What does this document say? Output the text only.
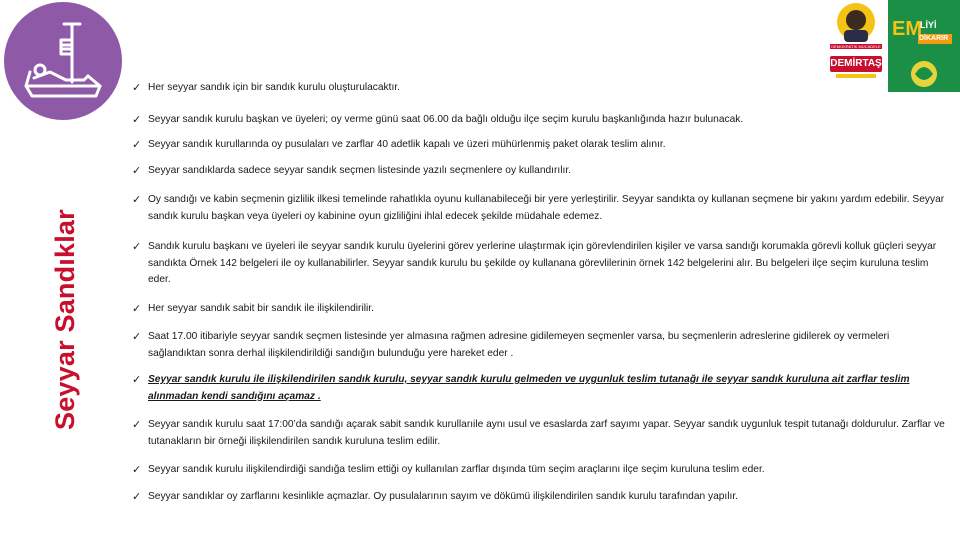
Seyyar Sandıklar
DEMOKRATİK MÜCADELE
DEMİRTAŞ
EM
LİYİ
DİKARIR
✓ Her seyyar sandık için bir sandık kurulu oluşturulacaktır.
✓ Seyyar sandık kurulu başkan ve üyeleri; oy verme günü saat 06.00 da bağlı olduğu ilçe seçim kurulu başkanlığında hazır bulunacak.
✓ Seyyar sandık kurullarında oy pusulaları ve zarflar 40 adetlik kapalı ve üzeri mühürlenmiş paket olarak teslim alınır.
✓ Seyyar sandıklarda sadece seyyar sandık seçmen listesinde yazılı seçmenlere oy kullandırılır.
✓ Oy sandığı ve kabin seçmenin gizlilik ilkesi temelinde rahatlıkla oyunu kullanabileceği bir yere yerleştirilir. Seyyar sandıkta oy kullanan seçmene bir yakını yardım edebilir. Seyyar sandık kurulu başkan veya üyeleri oy kabinine oyun gizliliğini ihlal edecek şekilde müdahale edemez.
✓ Sandık kurulu başkanı ve üyeleri ile seyyar sandık kurulu üyelerini görev yerlerine ulaştırmak için görevlendirilen kişiler ve varsa sandığı korumakla görevli kolluk güçleri seyyar sandıkta Örnek 142 belgeleri ile oy kullanabilirler. Seyyar sandık kurulu bu şekilde oy kullanana görevlilerinin örnek 142 belgelerini alır. Bu belgeleri ilçe seçim kuruluna teslim eder.
✓ Her seyyar sandık sabit bir sandık ile ilişkilendirilir.
✓ Saat 17.00 itibariyle seyyar sandık seçmen listesinde yer almasına rağmen adresine gidilemeyen seçmenler varsa, bu seçmenlerin adreslerine gidilerek oy vermeleri sağlandıktan sonra derhal ilişkilendirildiği sandığın bulunduğu yere hareket eder .
✓ Seyyar sandık kurulu ile ilişkilendirilen sandık kurulu, seyyar sandık kurulu gelmeden ve uygunluk teslim tutanağı ile seyyar sandık kuruluna ait zarflar teslim alınmadan kendi sandığını açamaz .
✓ Seyyar sandık kurulu saat 17:00’da sandığı açarak sabit sandık kurullarıile aynı usul ve esaslarda zarf sayımı yapar. Seyyar sandık uygunluk tespit tutanağı doldurulur. Zarflar ve tutanakların bir örneği ilişkilendirilen sandık kuruluna teslim edilir.
✓ Seyyar sandık kurulu ilişkilendirdiği sandığa teslim ettiği oy kullanılan zarflar dışında tüm seçim araçlarını ilçe seçim kuruluna teslim eder.
✓ Seyyar sandıklar oy zarflarını kesinlikle açmazlar. Oy pusulalarının sayım ve dökümü ilişkilendirilen sandık kurulu tarafından yapılır.
